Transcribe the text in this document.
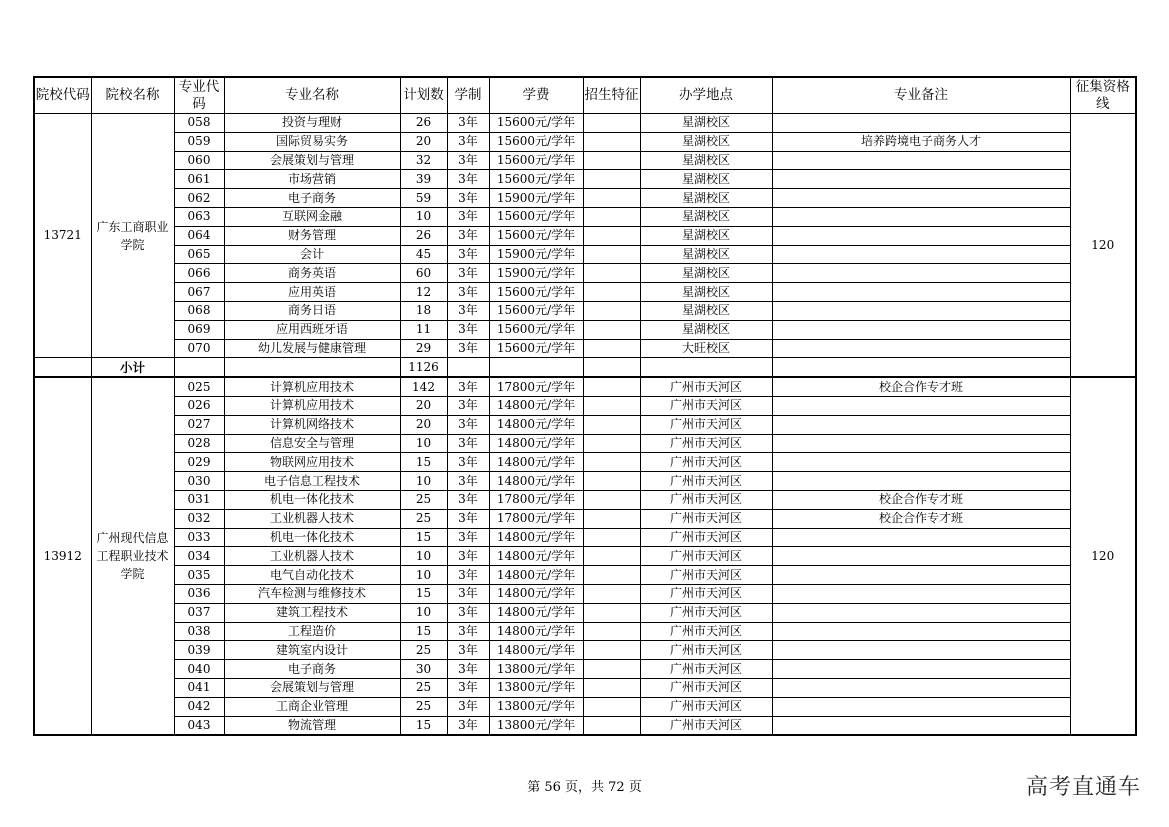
院校代码	院校名称	专业代码	专业名称	计划数	学制	学费	招生特征	办学地点	专业备注	征集资格线
13721	广东工商职业学院	058	投资与理财	26	3年	15600元/学年		星湖校区		120
		059	国际贸易实务	20	3年	15600元/学年		星湖校区	培养跨境电子商务人才	
		060	会展策划与管理	32	3年	15600元/学年		星湖校区		
		061	市场营销	39	3年	15600元/学年		星湖校区		
		062	电子商务	59	3年	15900元/学年		星湖校区		
		063	互联网金融	10	3年	15600元/学年		星湖校区		
		064	财务管理	26	3年	15600元/学年		星湖校区		
		065	会计	45	3年	15900元/学年		星湖校区		
		066	商务英语	60	3年	15900元/学年		星湖校区		
		067	应用英语	12	3年	15600元/学年		星湖校区		
		068	商务日语	18	3年	15600元/学年		星湖校区		
		069	应用西班牙语	11	3年	15600元/学年		星湖校区		
		070	幼儿发展与健康管理	29	3年	15600元/学年		大旺校区		
	小计			1126						
13912	广州现代信息工程职业技术学院	025	计算机应用技术	142	3年	17800元/学年		广州市天河区	校企合作专才班	120
		026	计算机应用技术	20	3年	14800元/学年		广州市天河区		
		027	计算机网络技术	20	3年	14800元/学年		广州市天河区		
		028	信息安全与管理	10	3年	14800元/学年		广州市天河区		
		029	物联网应用技术	15	3年	14800元/学年		广州市天河区		
		030	电子信息工程技术	10	3年	14800元/学年		广州市天河区		
		031	机电一体化技术	25	3年	17800元/学年		广州市天河区	校企合作专才班	
		032	工业机器人技术	25	3年	17800元/学年		广州市天河区	校企合作专才班	
		033	机电一体化技术	15	3年	14800元/学年		广州市天河区		
		034	工业机器人技术	10	3年	14800元/学年		广州市天河区		
		035	电气自动化技术	10	3年	14800元/学年		广州市天河区		
		036	汽车检测与维修技术	15	3年	14800元/学年		广州市天河区		
		037	建筑工程技术	10	3年	14800元/学年		广州市天河区		
		038	工程造价	15	3年	14800元/学年		广州市天河区		
		039	建筑室内设计	25	3年	14800元/学年		广州市天河区		
		040	电子商务	30	3年	13800元/学年		广州市天河区		
		041	会展策划与管理	25	3年	13800元/学年		广州市天河区		
		042	工商企业管理	25	3年	13800元/学年		广州市天河区		
		043	物流管理	15	3年	13800元/学年		广州市天河区		
第 56 页，共 72 页	高考直通车
